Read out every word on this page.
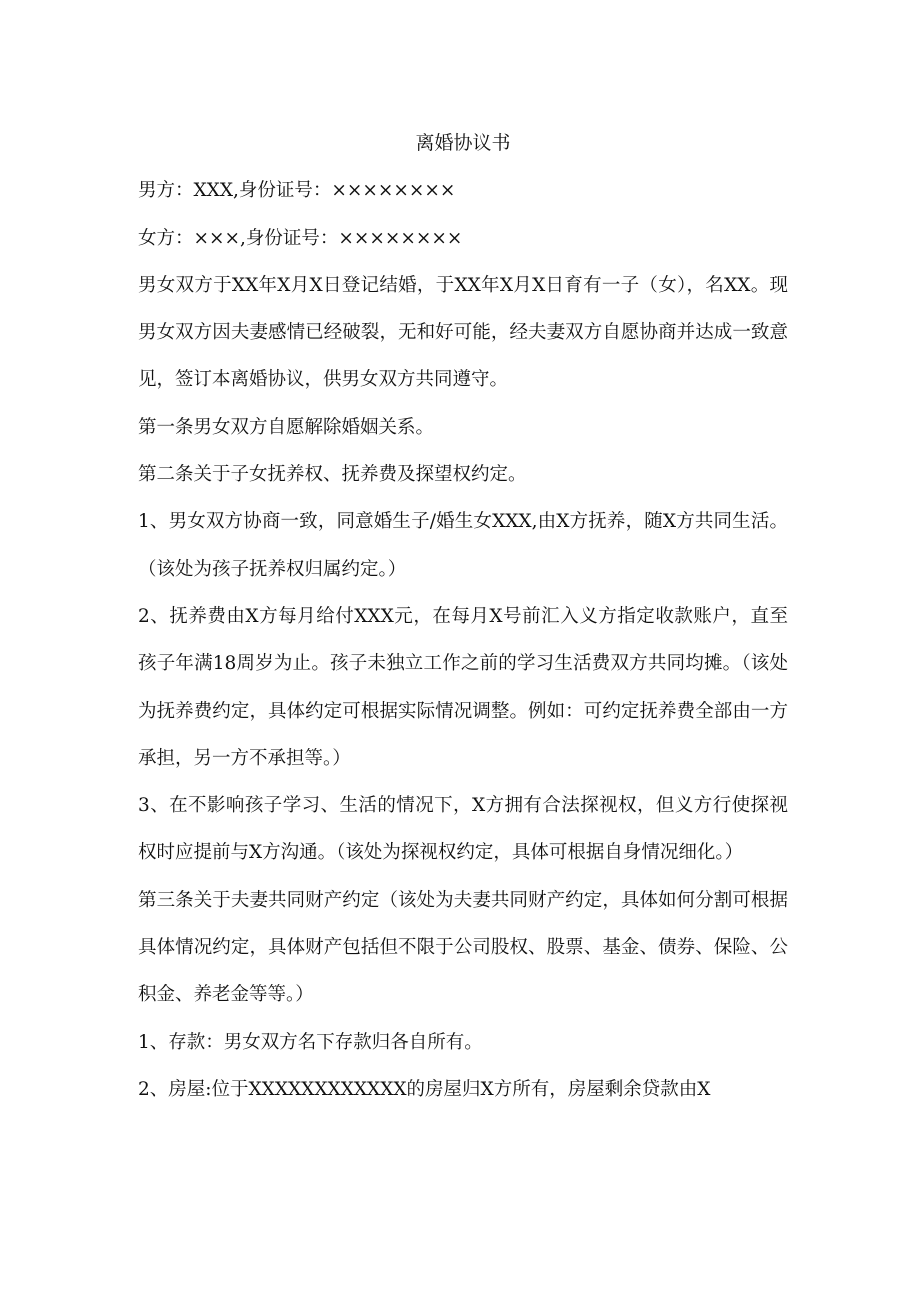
离婚协议书

男方：XXX,身份证号：××××××××

女方：×××,身份证号：××××××××

男女双方于XX年X月X日登记结婚，于XX年X月X日育有一子（女），名XX。现男女双方因夫妻感情已经破裂，无和好可能，经夫妻双方自愿协商并达成一致意见，签订本离婚协议，供男女双方共同遵守。

第一条男女双方自愿解除婚姻关系。

第二条关于子女抚养权、抚养费及探望权约定。

1、男女双方协商一致，同意婚生子/婚生女XXX,由X方抚养，随X方共同生活。（该处为孩子抚养权归属约定。）

2、抚养费由X方每月给付XXX元，在每月X号前汇入义方指定收款账户，直至孩子年满18周岁为止。孩子未独立工作之前的学习生活费双方共同均摊。（该处为抚养费约定，具体约定可根据实际情况调整。例如：可约定抚养费全部由一方承担，另一方不承担等。）

3、在不影响孩子学习、生活的情况下，X方拥有合法探视权，但义方行使探视权时应提前与X方沟通。（该处为探视权约定，具体可根据自身情况细化。）

第三条关于夫妻共同财产约定（该处为夫妻共同财产约定，具体如何分割可根据具体情况约定，具体财产包括但不限于公司股权、股票、基金、债券、保险、公积金、养老金等等。）

1、存款：男女双方名下存款归各自所有。

2、房屋:位于XXXXXXXXXXXX的房屋归X方所有，房屋剩余贷款由X
